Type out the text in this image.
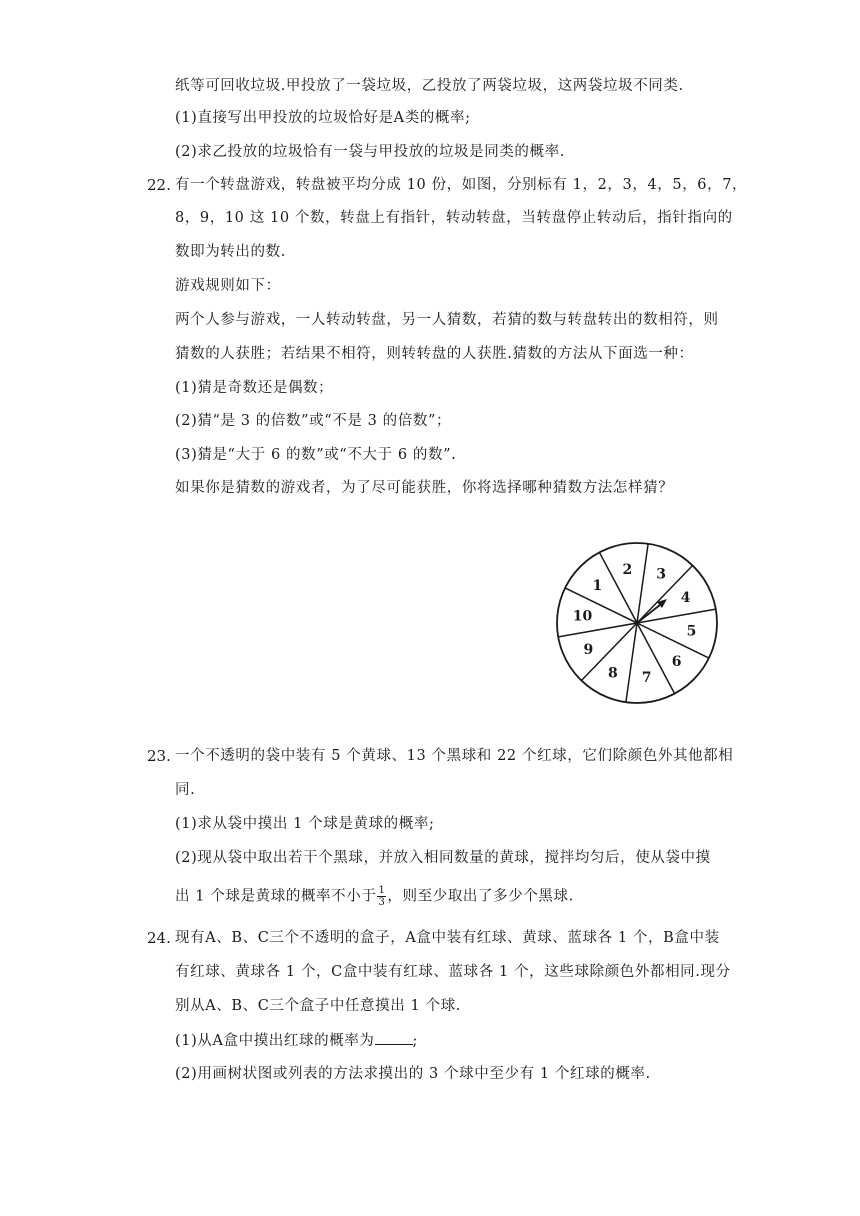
纸等可回收垃圾.甲投放了一袋垃圾，乙投放了两袋垃圾，这两袋垃圾不同类.
(1)直接写出甲投放的垃圾恰好是A类的概率;
(2)求乙投放的垃圾恰有一袋与甲投放的垃圾是同类的概率.
22. 有一个转盘游戏，转盘被平均分成 10 份，如图，分别标有 1，2，3，4，5，6，7，
8，9，10 这 10 个数，转盘上有指针，转动转盘，当转盘停止转动后，指针指向的
数即为转出的数.
游戏规则如下：
两个人参与游戏，一人转动转盘，另一人猜数，若猜的数与转盘转出的数相符，则
猜数的人获胜；若结果不相符，则转转盘的人获胜.猜数的方法从下面选一种：
(1)猜是奇数还是偶数；
(2)猜“是 3 的倍数”或“不是 3 的倍数”；
(3)猜是“大于 6 的数”或“不大于 6 的数”.
如果你是猜数的游戏者，为了尽可能获胜，你将选择哪种猜数方法怎样猜？
10
1
2 3
4
5
6
7
8
9
23. 一个不透明的袋中装有 5 个黄球、13 个黑球和 22 个红球，它们除颜色外其他都相
同.
(1)求从袋中摸出 1 个球是黄球的概率;
(2)现从袋中取出若干个黑球，并放入相同数量的黄球，搅拌均匀后，使从袋中摸
出 1 个球是黄球的概率不小于 $\frac{1}{3}$ ，则至少取出了多少个黑球.
24. 现有A、B、C三个不透明的盒子，A盒中装有红球、黄球、蓝球各 1 个，B盒中装
有红球、黄球各 1 个，C盒中装有红球、蓝球各 1 个，这些球除颜色外都相同.现分
别从A、B、C三个盒子中任意摸出 1 个球.
(1)从A盒中摸出红球的概率为	;
(2)用画树状图或列表的方法求摸出的 3 个球中至少有 1 个红球的概率.
